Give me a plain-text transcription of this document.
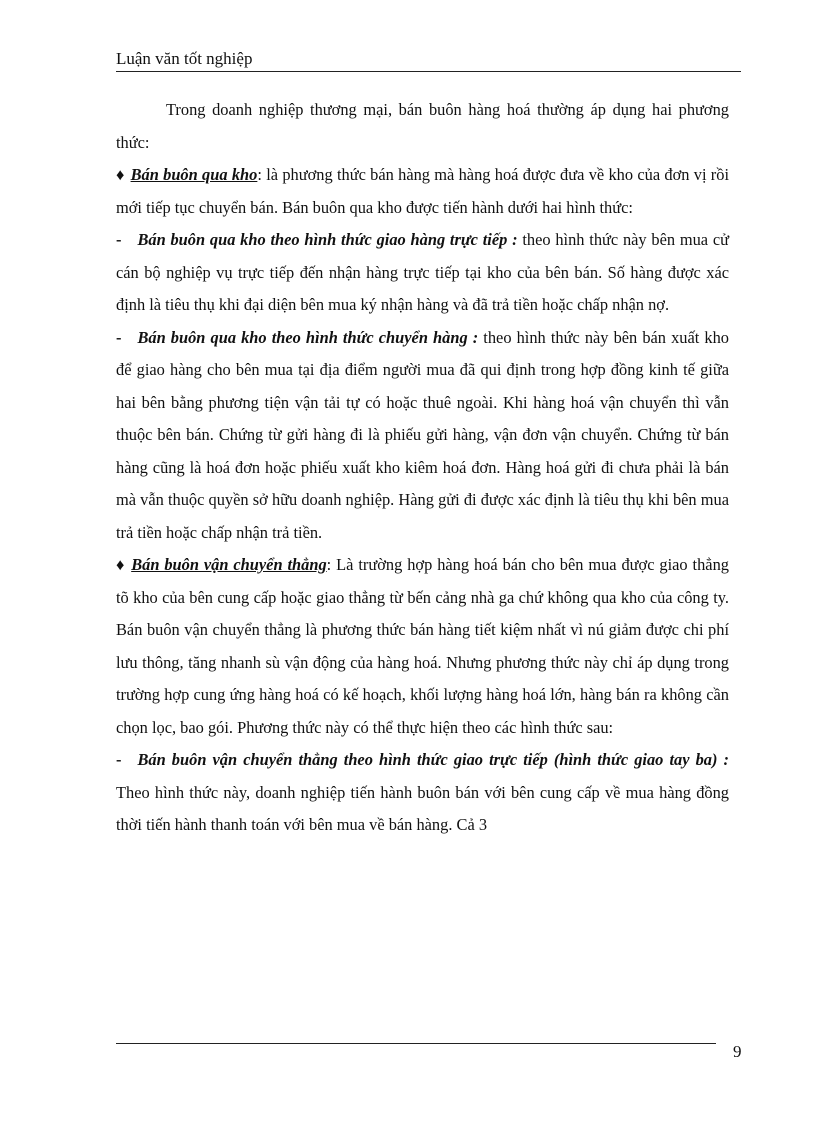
Luận văn tốt nghiệp

Trong doanh nghiệp thương mại, bán buôn hàng hoá thường áp dụng hai phương thức:

♦ Bán buôn qua kho: là phương thức bán hàng mà hàng hoá được đưa về kho của đơn vị rồi mới tiếp tục chuyển bán. Bán buôn qua kho được tiến hành dưới hai hình thức:

- Bán buôn qua kho theo hình thức giao hàng trực tiếp : theo hình thức này bên mua cử cán bộ nghiệp vụ trực tiếp đến nhận hàng trực tiếp tại kho của bên bán. Số hàng được xác định là tiêu thụ khi đại diện bên mua ký nhận hàng và đã trả tiền hoặc chấp nhận nợ.

- Bán buôn qua kho theo hình thức chuyển hàng : theo hình thức này bên bán xuất kho để giao hàng cho bên mua tại địa điểm người mua đã qui định trong hợp đồng kinh tế giữa hai bên bằng phương tiện vận tải tự có hoặc thuê ngoài. Khi hàng hoá vận chuyển thì vẫn thuộc bên bán. Chứng từ gửi hàng đi là phiếu gửi hàng, vận đơn vận chuyển. Chứng từ bán hàng cũng là hoá đơn hoặc phiếu xuất kho kiêm hoá đơn. Hàng hoá gửi đi chưa phải là bán mà vẫn thuộc quyền sở hữu doanh nghiệp. Hàng gửi đi được xác định là tiêu thụ khi bên mua trả tiền hoặc chấp nhận trả tiền.

♦ Bán buôn vận chuyển thẳng: Là trường hợp hàng hoá bán cho bên mua được giao thẳng tõ kho của bên cung cấp hoặc giao thẳng từ bến cảng nhà ga chứ không qua kho của công ty. Bán buôn vận chuyển thẳng là phương thức bán hàng tiết kiệm nhất vì nú giảm được chi phí lưu thông, tăng nhanh sù vận động của hàng hoá. Nhưng phương thức này chỉ áp dụng trong trường hợp cung ứng hàng hoá có kế hoạch, khối lượng hàng hoá lớn, hàng bán ra không cần chọn lọc, bao gói. Phương thức này có thể thực hiện theo các hình thức sau:

- Bán buôn vận chuyển thẳng theo hình thức giao trực tiếp (hình thức giao tay ba) : Theo hình thức này, doanh nghiệp tiến hành buôn bán với bên cung cấp về mua hàng đồng thời tiến hành thanh toán với bên mua về bán hàng. Cả 3

9
